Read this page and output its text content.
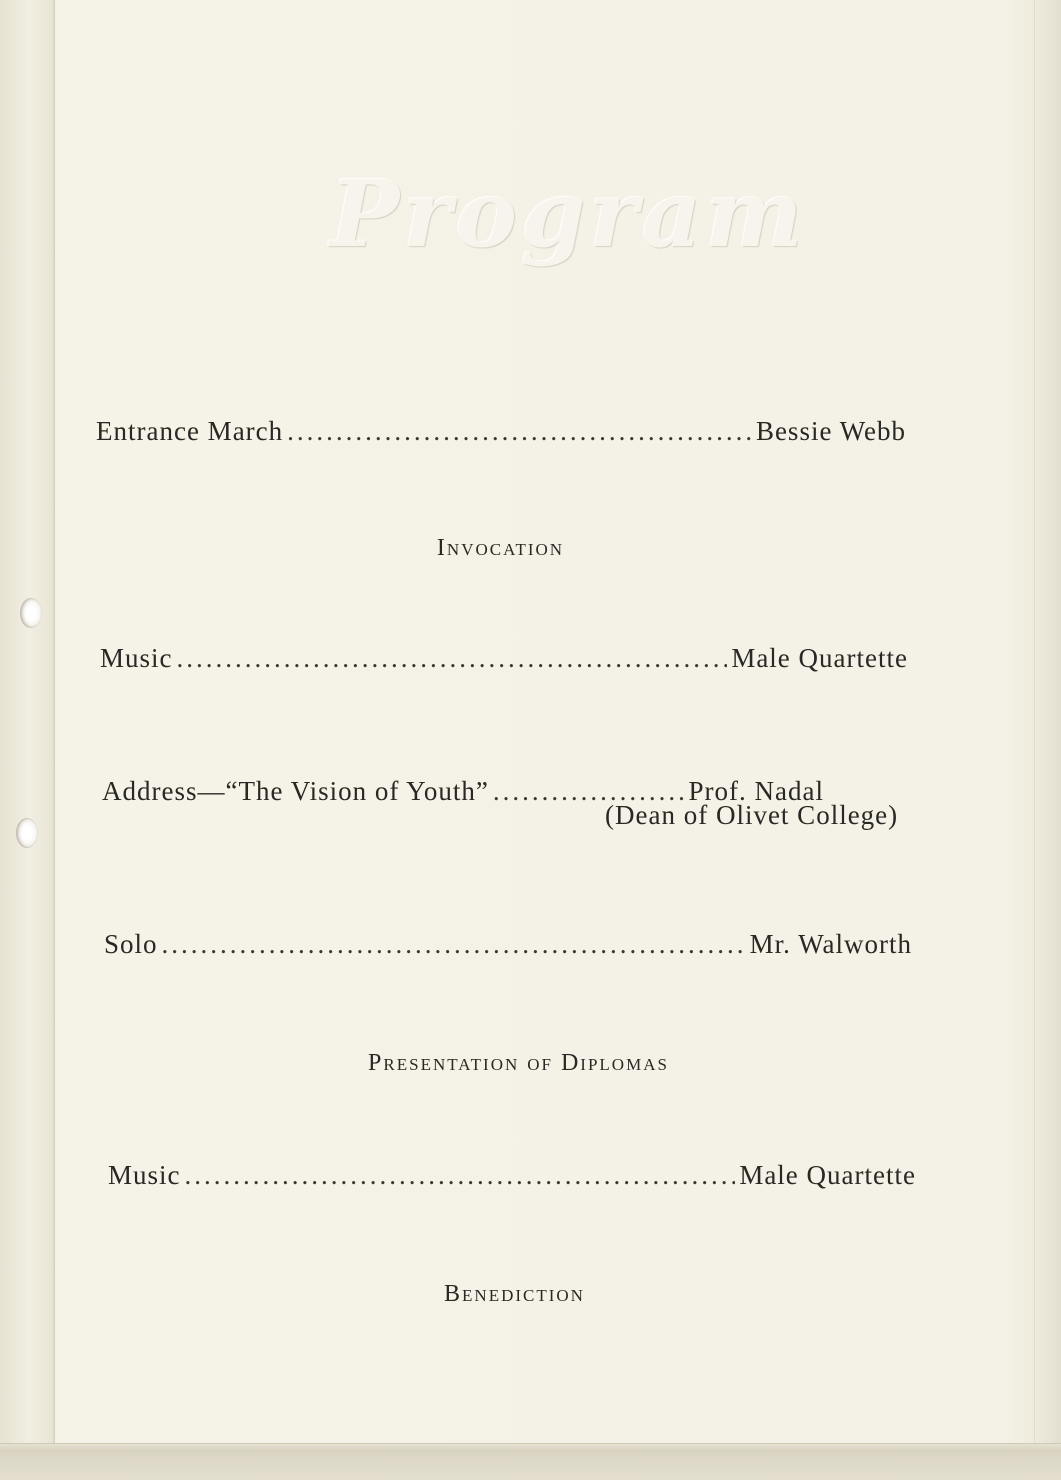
Program
Entrance March .....	Bessie Webb
Invocation
Music .....	Male Quartette
Address—“The Vision of Youth” .....	Prof. Nadal
(Dean of Olivet College)
Solo .....	Mr. Walworth
Presentation of Diplomas
Music .....	Male Quartette
Benediction
